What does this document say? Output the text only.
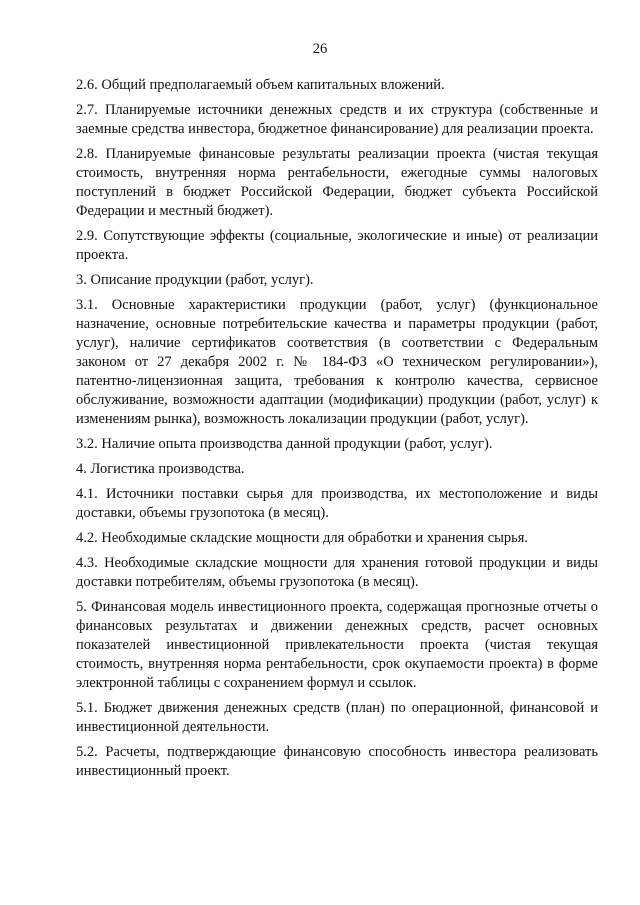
26

2.6. Общий предполагаемый объем капитальных вложений.

2.7. Планируемые источники денежных средств и их структура (собственные и заемные средства инвестора, бюджетное финансирование) для реализации проекта.

2.8. Планируемые финансовые результаты реализации проекта (чистая текущая стоимость, внутренняя норма рентабельности, ежегодные суммы налоговых поступлений в бюджет Российской Федерации, бюджет субъекта Российской Федерации и местный бюджет).

2.9. Сопутствующие эффекты (социальные, экологические и иные) от реализации проекта.

3. Описание продукции (работ, услуг).

3.1. Основные характеристики продукции (работ, услуг) (функциональное назначение, основные потребительские качества и параметры продукции (работ, услуг), наличие сертификатов соответствия (в соответствии с Федеральным законом от 27 декабря 2002 г. № 184-ФЗ «О техническом регулировании»), патентно-лицензионная защита, требования к контролю качества, сервисное обслуживание, возможности адаптации (модификации) продукции (работ, услуг) к изменениям рынка), возможность локализации продукции (работ, услуг).

3.2. Наличие опыта производства данной продукции (работ, услуг).

4. Логистика производства.

4.1. Источники поставки сырья для производства, их местоположение и виды доставки, объемы грузопотока (в месяц).

4.2. Необходимые складские мощности для обработки и хранения сырья.

4.3. Необходимые складские мощности для хранения готовой продукции и виды доставки потребителям, объемы грузопотока (в месяц).

5. Финансовая модель инвестиционного проекта, содержащая прогнозные отчеты о финансовых результатах и движении денежных средств, расчет основных показателей инвестиционной привлекательности проекта (чистая текущая стоимость, внутренняя норма рентабельности, срок окупаемости проекта) в форме электронной таблицы с сохранением формул и ссылок.

5.1. Бюджет движения денежных средств (план) по операционной, финансовой и инвестиционной деятельности.

5.2. Расчеты, подтверждающие финансовую способность инвестора реализовать инвестиционный проект.
